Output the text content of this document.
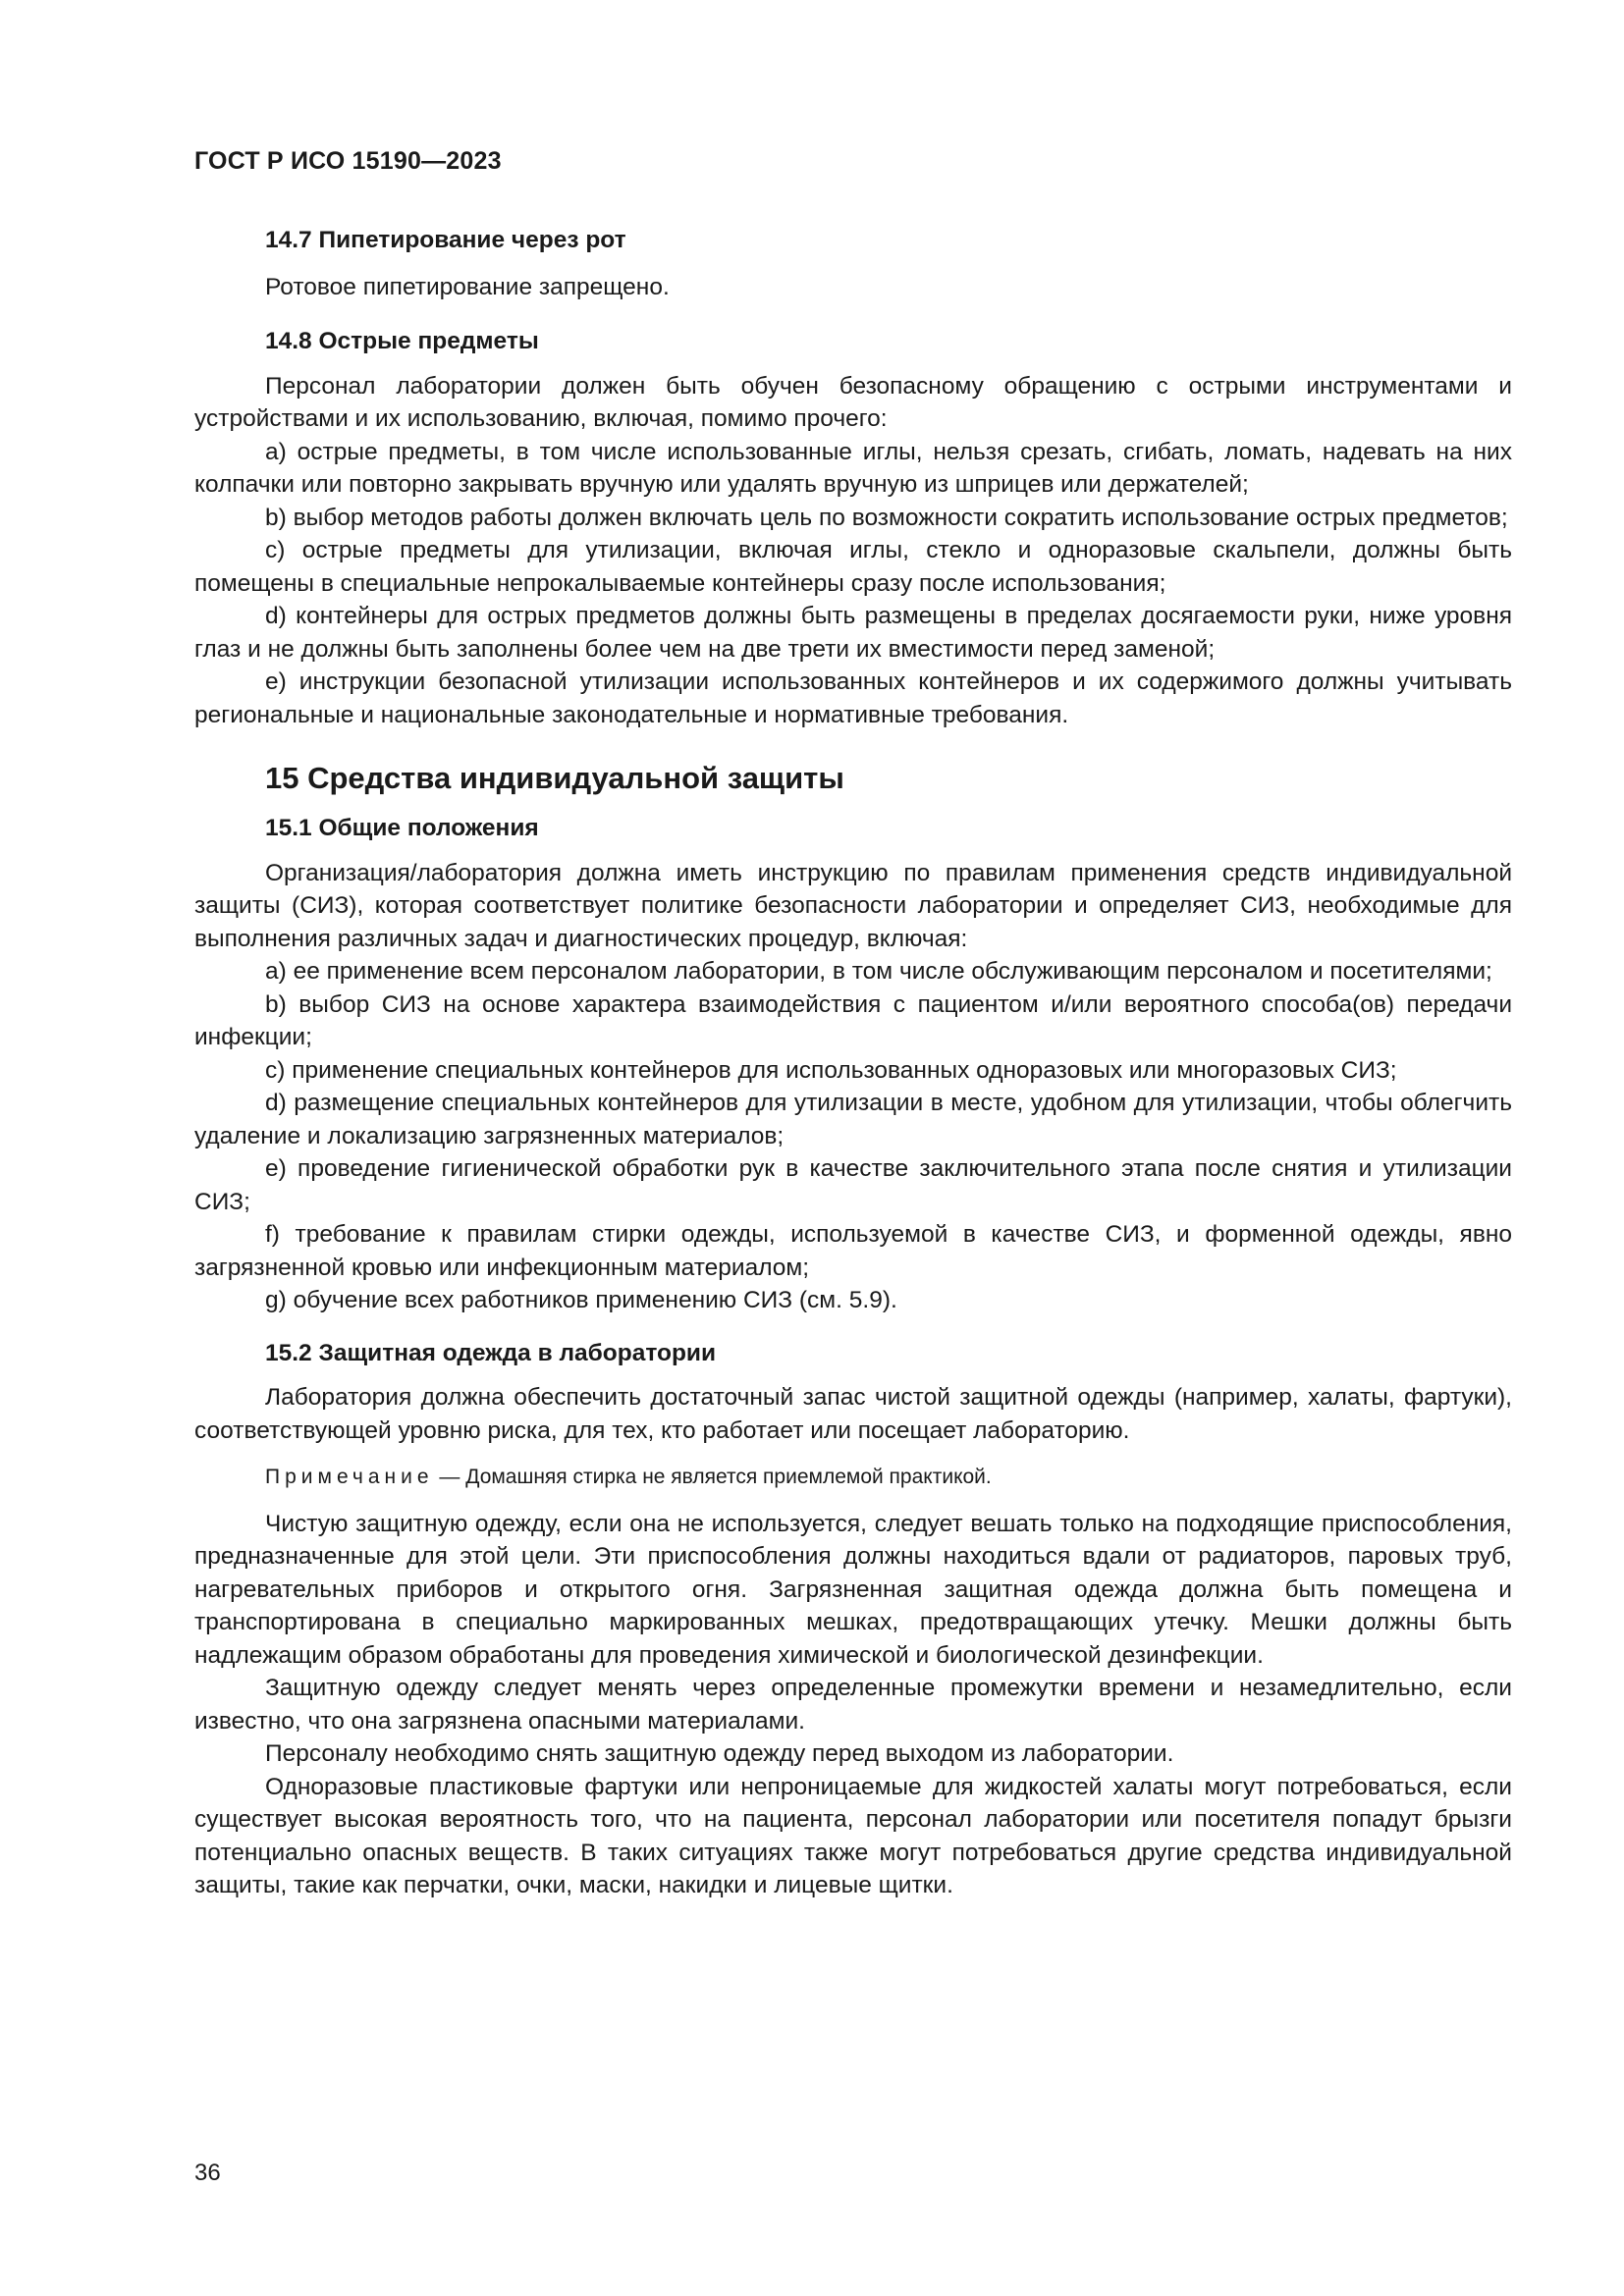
ГОСТ Р ИСО 15190—2023

14.7 Пипетирование через рот

Ротовое пипетирование запрещено.

14.8 Острые предметы

Персонал лаборатории должен быть обучен безопасному обращению с острыми инструментами и устройствами и их использованию, включая, помимо прочего:

a) острые предметы, в том числе использованные иглы, нельзя срезать, сгибать, ломать, надевать на них колпачки или повторно закрывать вручную или удалять вручную из шприцев или держателей;

b) выбор методов работы должен включать цель по возможности сократить использование острых предметов;

c) острые предметы для утилизации, включая иглы, стекло и одноразовые скальпели, должны быть помещены в специальные непрокалываемые контейнеры сразу после использования;

d) контейнеры для острых предметов должны быть размещены в пределах досягаемости руки, ниже уровня глаз и не должны быть заполнены более чем на две трети их вместимости перед заменой;

e) инструкции безопасной утилизации использованных контейнеров и их содержимого должны учитывать региональные и национальные законодательные и нормативные требования.

15 Средства индивидуальной защиты

15.1 Общие положения

Организация/лаборатория должна иметь инструкцию по правилам применения средств индивидуальной защиты (СИЗ), которая соответствует политике безопасности лаборатории и определяет СИЗ, необходимые для выполнения различных задач и диагностических процедур, включая:

a) ее применение всем персоналом лаборатории, в том числе обслуживающим персоналом и посетителями;

b) выбор СИЗ на основе характера взаимодействия с пациентом и/или вероятного способа(ов) передачи инфекции;

c) применение специальных контейнеров для использованных одноразовых или многоразовых СИЗ;

d) размещение специальных контейнеров для утилизации в месте, удобном для утилизации, чтобы облегчить удаление и локализацию загрязненных материалов;

e) проведение гигиенической обработки рук в качестве заключительного этапа после снятия и утилизации СИЗ;

f) требование к правилам стирки одежды, используемой в качестве СИЗ, и форменной одежды, явно загрязненной кровью или инфекционным материалом;

g) обучение всех работников применению СИЗ (см. 5.9).

15.2 Защитная одежда в лаборатории

Лаборатория должна обеспечить достаточный запас чистой защитной одежды (например, халаты, фартуки), соответствующей уровню риска, для тех, кто работает или посещает лабораторию.

Примечание — Домашняя стирка не является приемлемой практикой.

Чистую защитную одежду, если она не используется, следует вешать только на подходящие приспособления, предназначенные для этой цели. Эти приспособления должны находиться вдали от радиаторов, паровых труб, нагревательных приборов и открытого огня. Загрязненная защитная одежда должна быть помещена и транспортирована в специально маркированных мешках, предотвращающих утечку. Мешки должны быть надлежащим образом обработаны для проведения химической и биологической дезинфекции.

Защитную одежду следует менять через определенные промежутки времени и незамедлительно, если известно, что она загрязнена опасными материалами.

Персоналу необходимо снять защитную одежду перед выходом из лаборатории.

Одноразовые пластиковые фартуки или непроницаемые для жидкостей халаты могут потребоваться, если существует высокая вероятность того, что на пациента, персонал лаборатории или посетителя попадут брызги потенциально опасных веществ. В таких ситуациях также могут потребоваться другие средства индивидуальной защиты, такие как перчатки, очки, маски, накидки и лицевые щитки.

36
